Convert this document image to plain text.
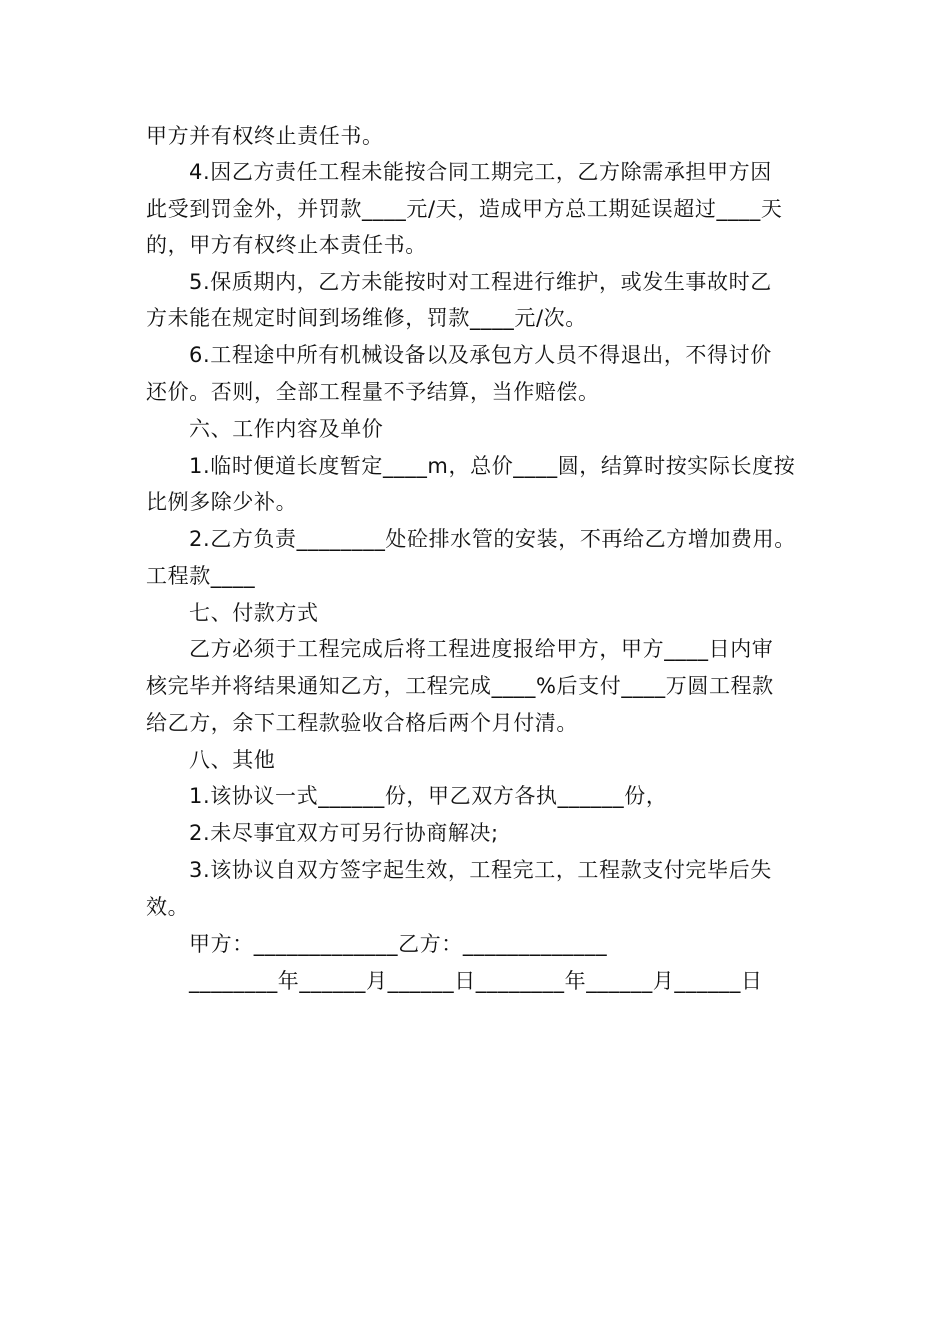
甲方并有权终止责任书。
4.因乙方责任工程未能按合同工期完工，乙方除需承担甲方因
此受到罚金外，并罚款____元/天，造成甲方总工期延误超过____天
的，甲方有权终止本责任书。
5.保质期内，乙方未能按时对工程进行维护，或发生事故时乙
方未能在规定时间到场维修，罚款____元/次。
6.工程途中所有机械设备以及承包方人员不得退出，不得讨价
还价。否则，全部工程量不予结算，当作赔偿。
六、工作内容及单价
1.临时便道长度暂定____m，总价____圆，结算时按实际长度按
比例多除少补。
2.乙方负责________处砼排水管的安装，不再给乙方增加费用。
工程款____
七、付款方式
乙方必须于工程完成后将工程进度报给甲方，甲方____日内审
核完毕并将结果通知乙方，工程完成____%后支付____万圆工程款
给乙方，余下工程款验收合格后两个月付清。
八、其他
1.该协议一式______份，甲乙双方各执______份，
2.未尽事宜双方可另行协商解决;
3.该协议自双方签字起生效，工程完工，工程款支付完毕后失
效。
甲方：_____________乙方：_____________
________年______月______日________年______月______日
